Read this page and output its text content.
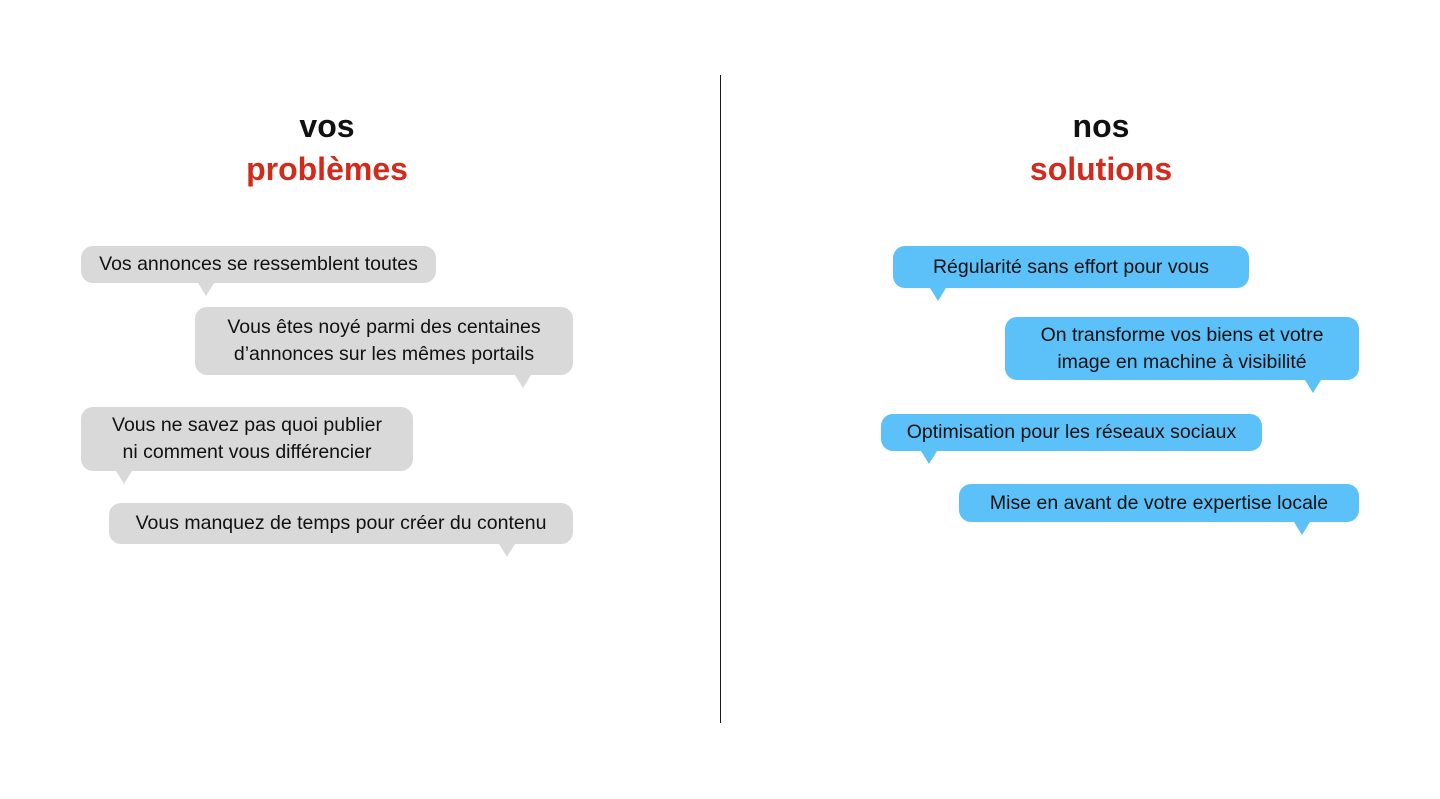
vos
problèmes
Vos annonces se ressemblent toutes
Vous êtes noyé parmi des centaines
d’annonces sur les mêmes portails
Vous ne savez pas quoi publier
ni comment vous différencier
Vous manquez de temps pour créer du contenu
nos
solutions
Régularité sans effort pour vous
On transforme vos biens et votre
image en machine à visibilité
Optimisation pour les réseaux sociaux
Mise en avant de votre expertise locale
